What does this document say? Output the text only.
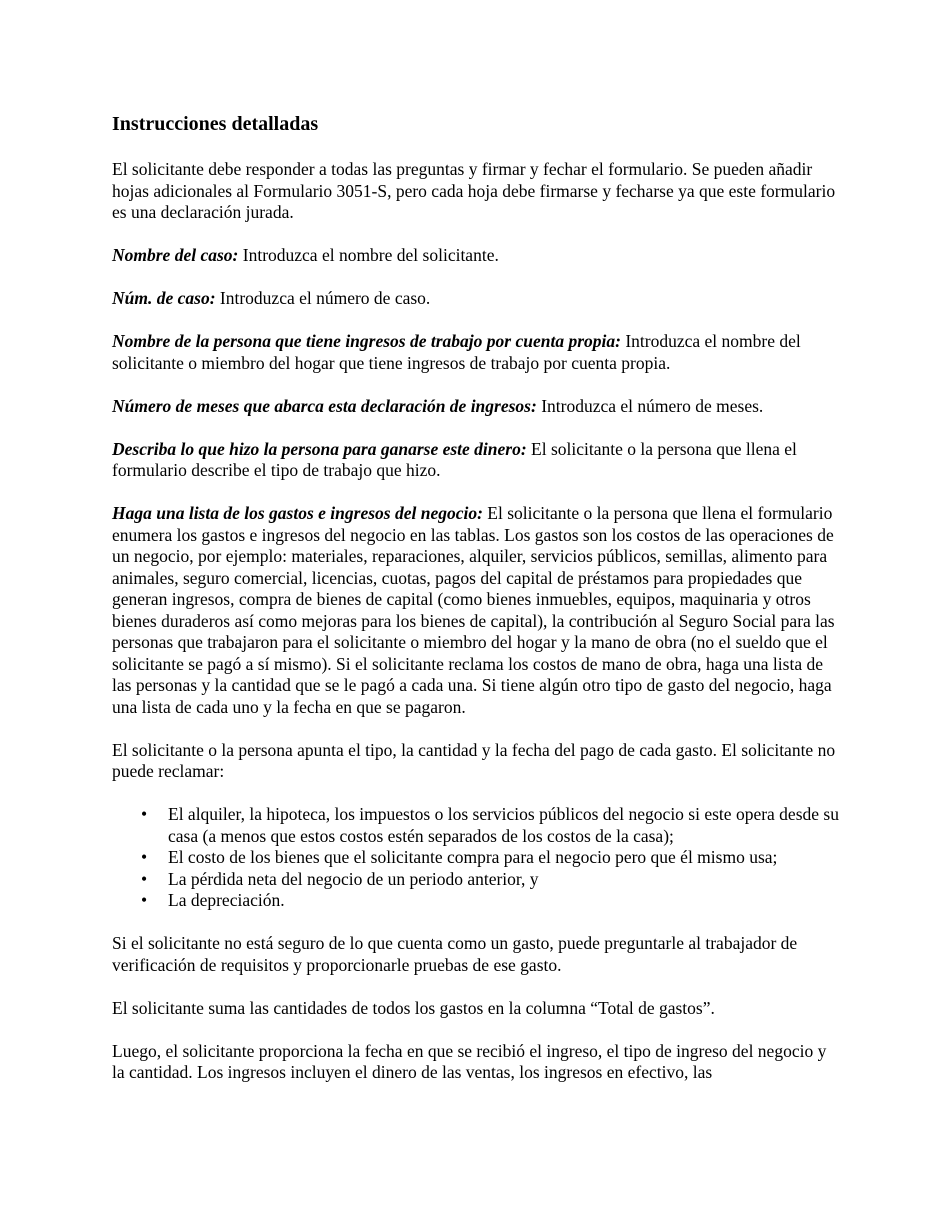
Instrucciones detalladas

El solicitante debe responder a todas las preguntas y firmar y fechar el formulario. Se pueden añadir hojas adicionales al Formulario 3051-S, pero cada hoja debe firmarse y fecharse ya que este formulario es una declaración jurada.

Nombre del caso: Introduzca el nombre del solicitante.

Núm. de caso: Introduzca el número de caso.

Nombre de la persona que tiene ingresos de trabajo por cuenta propia: Introduzca el nombre del solicitante o miembro del hogar que tiene ingresos de trabajo por cuenta propia.

Número de meses que abarca esta declaración de ingresos: Introduzca el número de meses.

Describa lo que hizo la persona para ganarse este dinero: El solicitante o la persona que llena el formulario describe el tipo de trabajo que hizo.

Haga una lista de los gastos e ingresos del negocio: El solicitante o la persona que llena el formulario enumera los gastos e ingresos del negocio en las tablas. Los gastos son los costos de las operaciones de un negocio, por ejemplo: materiales, reparaciones, alquiler, servicios públicos, semillas, alimento para animales, seguro comercial, licencias, cuotas, pagos del capital de préstamos para propiedades que generan ingresos, compra de bienes de capital (como bienes inmuebles, equipos, maquinaria y otros bienes duraderos así como mejoras para los bienes de capital), la contribución al Seguro Social para las personas que trabajaron para el solicitante o miembro del hogar y la mano de obra (no el sueldo que el solicitante se pagó a sí mismo). Si el solicitante reclama los costos de mano de obra, haga una lista de las personas y la cantidad que se le pagó a cada una. Si tiene algún otro tipo de gasto del negocio, haga una lista de cada uno y la fecha en que se pagaron.

El solicitante o la persona apunta el tipo, la cantidad y la fecha del pago de cada gasto. El solicitante no puede reclamar:

• El alquiler, la hipoteca, los impuestos o los servicios públicos del negocio si este opera desde su casa (a menos que estos costos estén separados de los costos de la casa);
• El costo de los bienes que el solicitante compra para el negocio pero que él mismo usa;
• La pérdida neta del negocio de un periodo anterior, y
• La depreciación.

Si el solicitante no está seguro de lo que cuenta como un gasto, puede preguntarle al trabajador de verificación de requisitos y proporcionarle pruebas de ese gasto.

El solicitante suma las cantidades de todos los gastos en la columna “Total de gastos”.

Luego, el solicitante proporciona la fecha en que se recibió el ingreso, el tipo de ingreso del negocio y la cantidad. Los ingresos incluyen el dinero de las ventas, los ingresos en efectivo, las
